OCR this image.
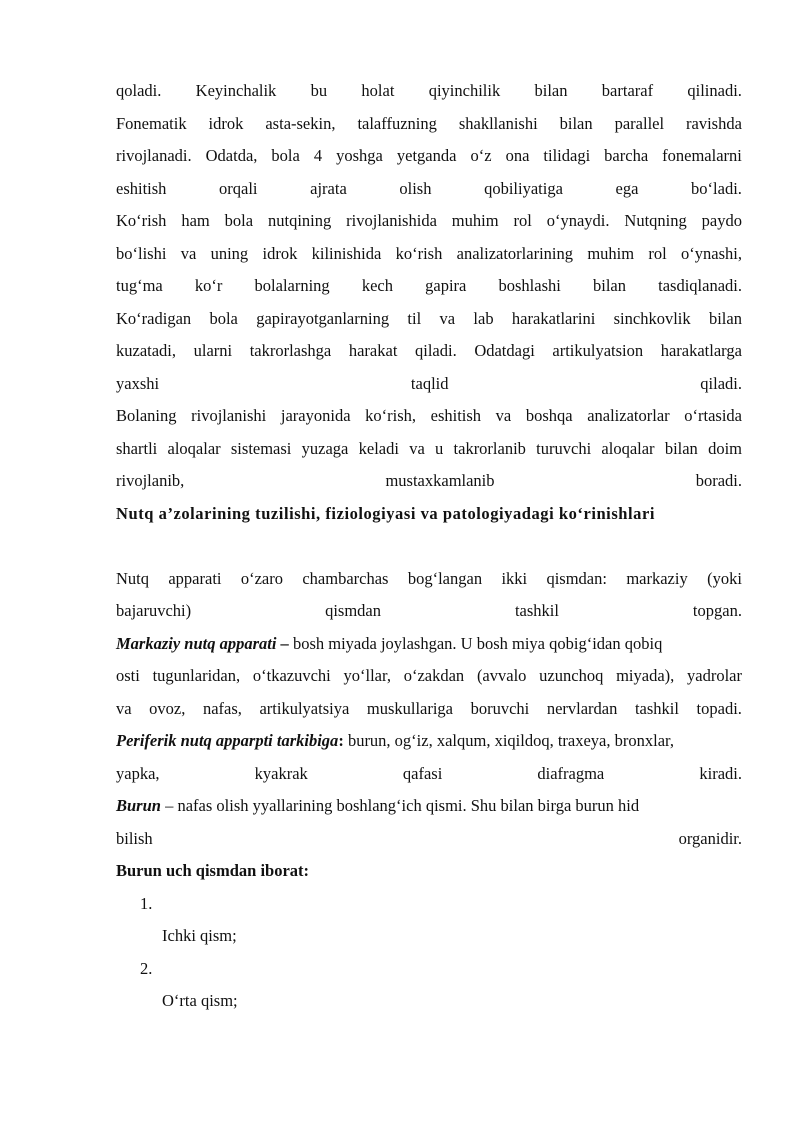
qoladi. Keyinchalik bu holat qiyinchilik bilan bartaraf qilinadi.
Fonematik idrok asta-sekin, talaffuzning shakllanishi bilan parallel ravishda
rivojlanadi. Odatda, bola 4 yoshga yetganda o‘z ona tilidagi barcha fonemalarni
eshitish	orqali	ajrata	olish	qobiliyatiga	ega	bo‘ladi.
Ko‘rish ham bola nutqining rivojlanishida muhim rol o‘ynaydi. Nutqning paydo
bo‘lishi va uning idrok kilinishida ko‘rish analizatorlarining muhim rol o‘ynashi,
tug‘ma ko‘r bolalarning kech gapira boshlashi bilan tasdiqlanadi.
Ko‘radigan bola gapirayotganlarning til va lab harakatlarini sinchkovlik bilan
kuzatadi, ularni takrorlashga harakat qiladi. Odatdagi artikulyatsion harakatlarga
yaxshi	taqlid	qiladi.
Bolaning rivojlanishi jarayonida ko‘rish, eshitish va boshqa analizatorlar o‘rtasida
shartli aloqalar sistemasi yuzaga keladi va u takrorlanib turuvchi aloqalar bilan doim
rivojlanib,	mustaxkamlanib	boradi.
Nutq a’zolarining tuzilishi, fiziologiyasi va patologiyadagi ko‘rinishlari
Nutq apparati o‘zaro chambarchas bog‘langan ikki qismdan: markaziy (yoki
bajaruvchi)	qismdan	tashkil	topgan.
Markaziy nutq apparati – bosh miyada joylashgan. U bosh miya qobig‘idan qobiq
osti tugunlaridan, o‘tkazuvchi yo‘llar, o‘zakdan (avvalo uzunchoq miyada), yadrolar
va ovoz, nafas, artikulyatsiya muskullariga boruvchi nervlardan tashkil topadi.
Periferik nutq apparpti tarkibiga: burun, og‘iz, xalqum, xiqildoq, traxeya, bronxlar,
yapka,	kyakrak	qafasi	diafragma	kiradi.
Burun – nafas olish yyallarining boshlang‘ich qismi. Shu bilan birga burun hid
bilish	organidir.
Burun uch qismdan iborat:
1.
Ichki qism;
2.
O‘rta qism;
